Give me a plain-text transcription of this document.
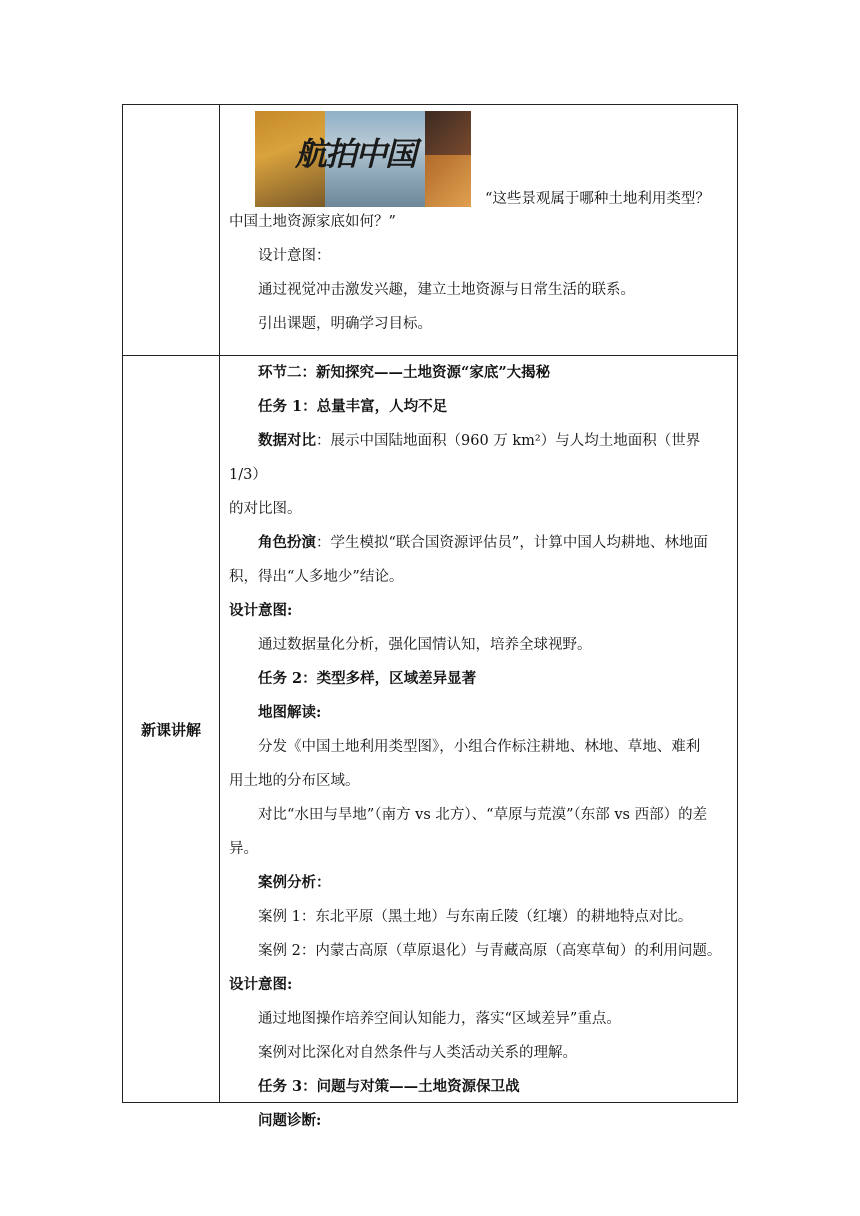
航拍中国
“这些景观属于哪种土地利用类型？

中国土地资源家底如何？”

设计意图：

通过视觉冲击激发兴趣，建立土地资源与日常生活的联系。

引出课题，明确学习目标。

新课讲解

环节二：新知探究——土地资源“家底”大揭秘

任务 1：总量丰富，人均不足

数据对比：展示中国陆地面积（960 万 km²）与人均土地面积（世界 1/3）

的对比图。

角色扮演：学生模拟“联合国资源评估员”，计算中国人均耕地、林地面

积，得出“人多地少”结论。

设计意图:

通过数据量化分析，强化国情认知，培养全球视野。

任务 2：类型多样，区域差异显著

地图解读:

分发《中国土地利用类型图》，小组合作标注耕地、林地、草地、难利

用土地的分布区域。

对比“水田与旱地”（南方 vs 北方）、“草原与荒漠”（东部 vs 西部）的差

异。

案例分析：

案例 1：东北平原（黑土地）与东南丘陵（红壤）的耕地特点对比。

案例 2：内蒙古高原（草原退化）与青藏高原（高寒草甸）的利用问题。

设计意图:

通过地图操作培养空间认知能力，落实“区域差异”重点。

案例对比深化对自然条件与人类活动关系的理解。

任务 3：问题与对策——土地资源保卫战

问题诊断:
